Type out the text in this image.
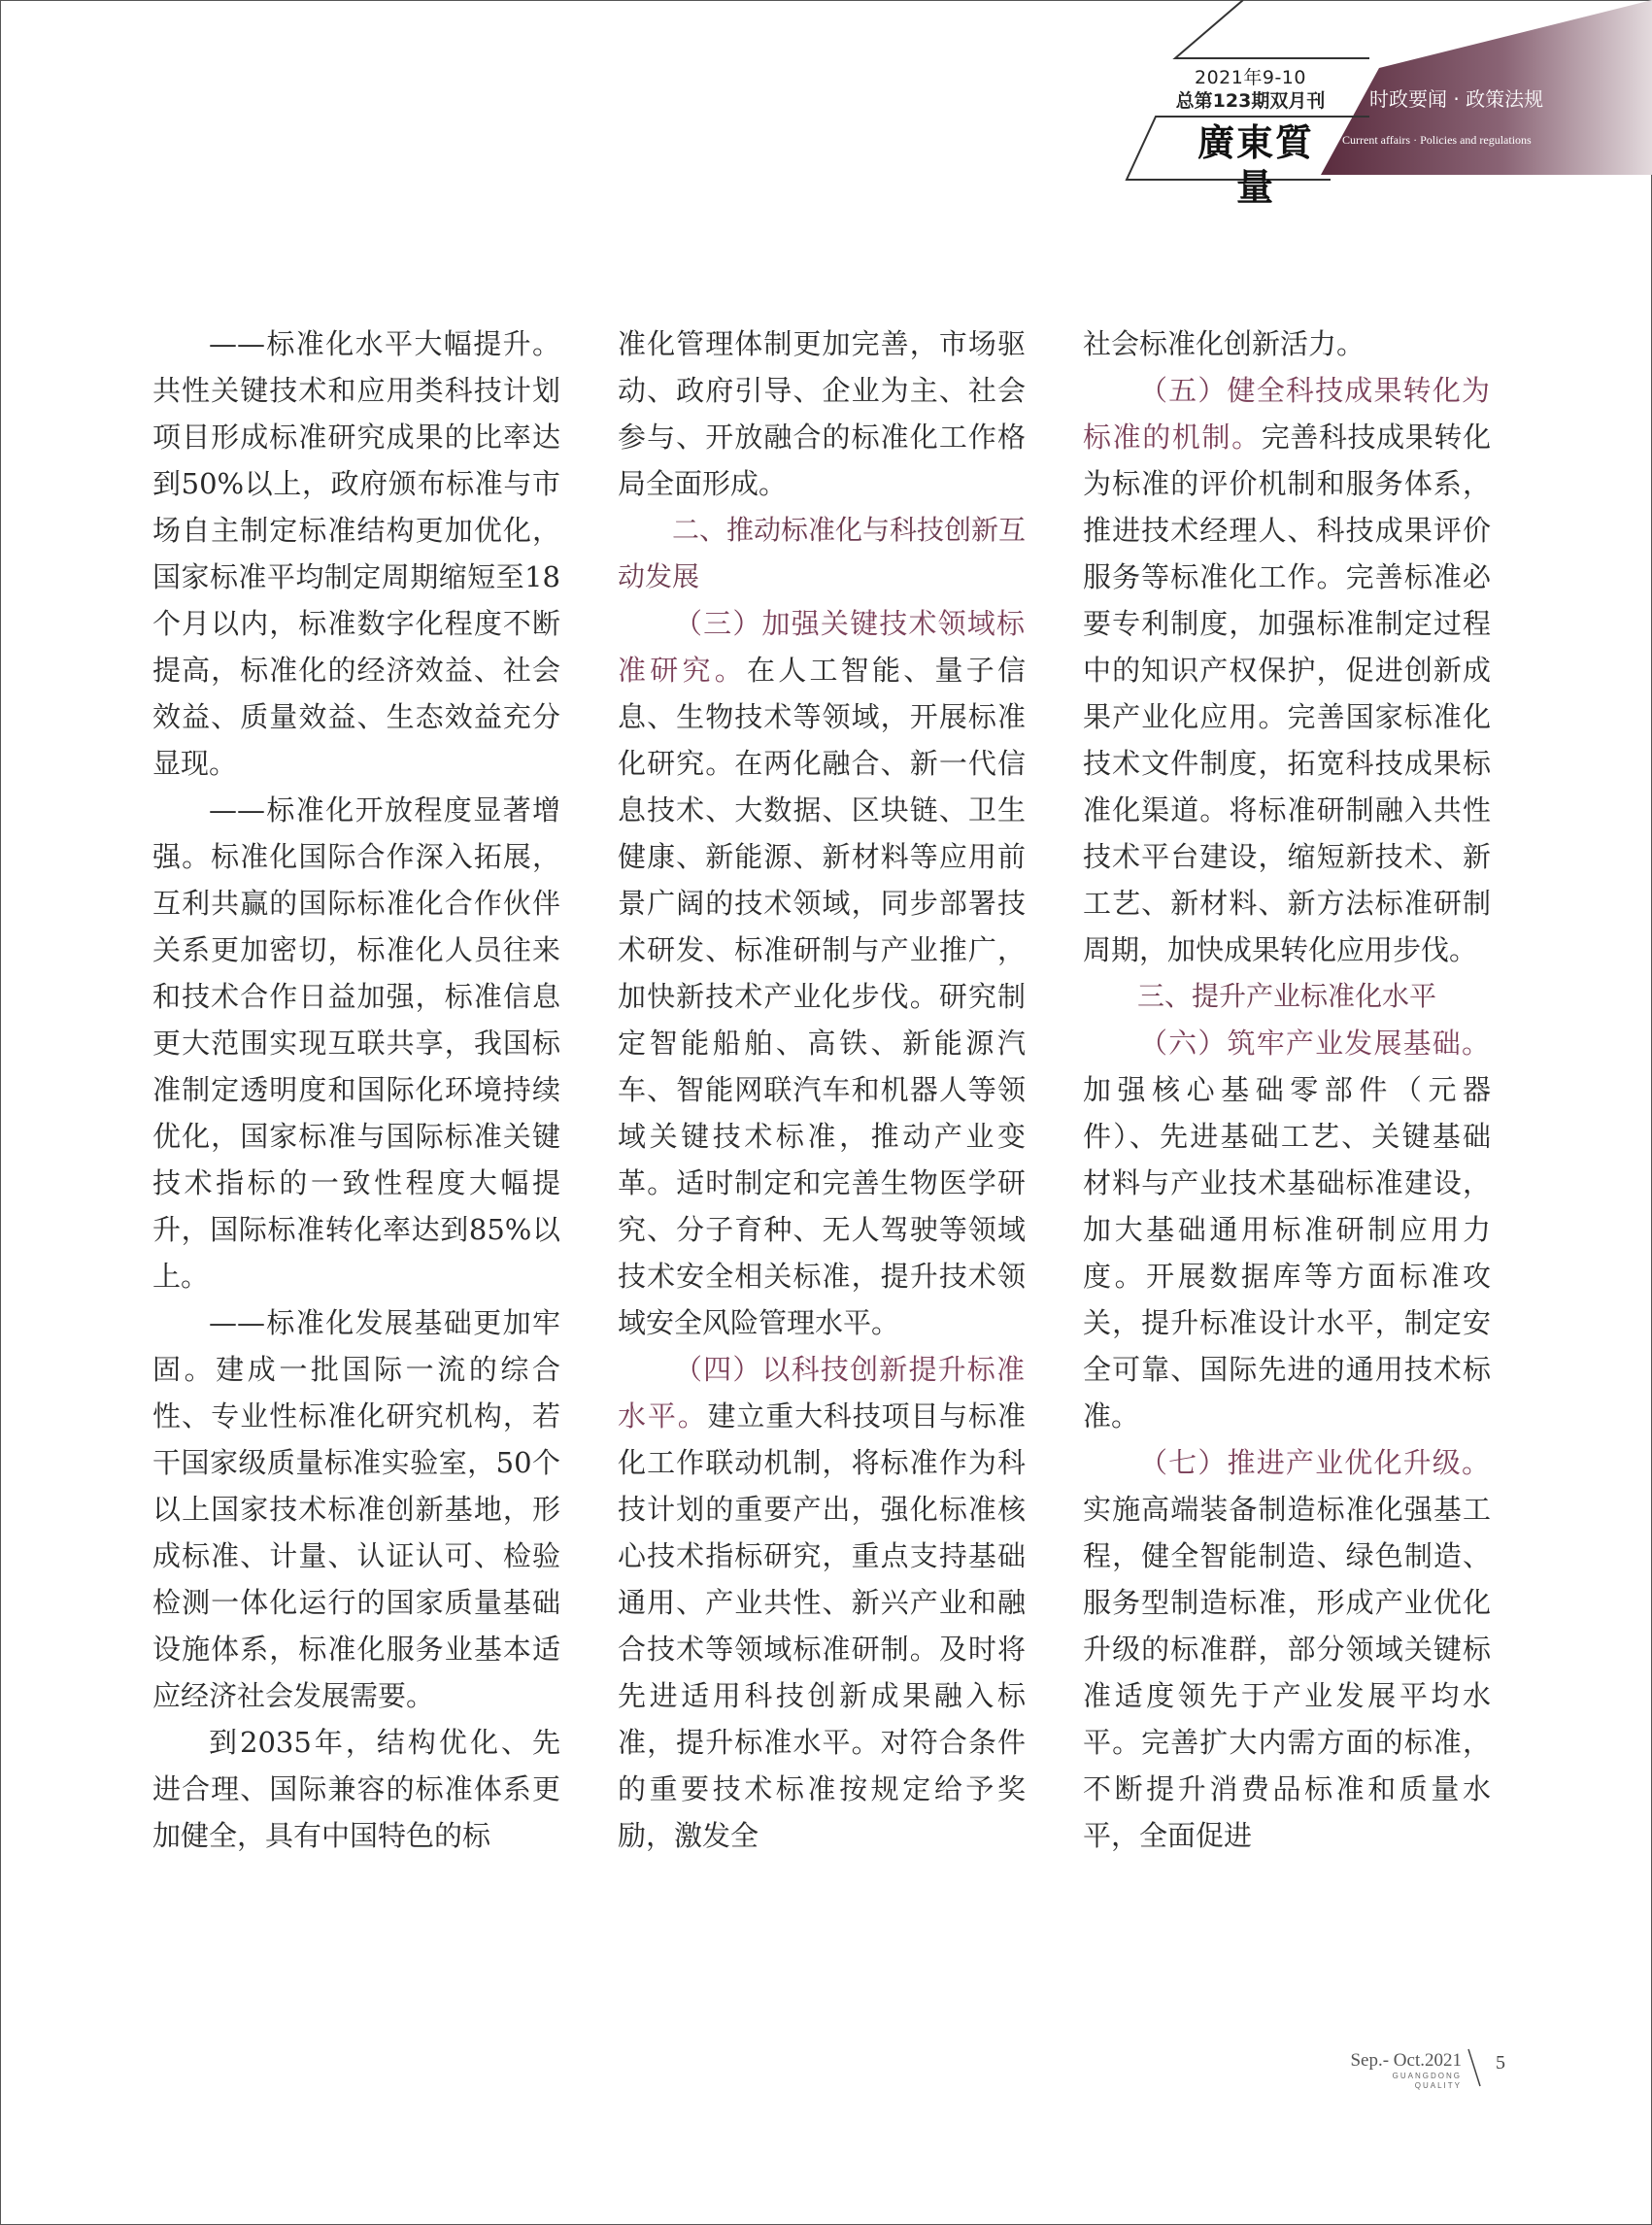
2021年9-10
总第123期双月刊
廣東質量
时政要闻 · 政策法规
Current affairs · Policies and regulations

——标准化水平大幅提升。共性关键技术和应用类科技计划项目形成标准研究成果的比率达到50%以上，政府颁布标准与市场自主制定标准结构更加优化，国家标准平均制定周期缩短至18个月以内，标准数字化程度不断提高，标准化的经济效益、社会效益、质量效益、生态效益充分显现。

——标准化开放程度显著增强。标准化国际合作深入拓展，互利共赢的国际标准化合作伙伴关系更加密切，标准化人员往来和技术合作日益加强，标准信息更大范围实现互联共享，我国标准制定透明度和国际化环境持续优化，国家标准与国际标准关键技术指标的一致性程度大幅提升，国际标准转化率达到85%以上。

——标准化发展基础更加牢固。建成一批国际一流的综合性、专业性标准化研究机构，若干国家级质量标准实验室，50个以上国家技术标准创新基地，形成标准、计量、认证认可、检验检测一体化运行的国家质量基础设施体系，标准化服务业基本适应经济社会发展需要。

到2035年，结构优化、先进合理、国际兼容的标准体系更加健全，具有中国特色的标

准化管理体制更加完善，市场驱动、政府引导、企业为主、社会参与、开放融合的标准化工作格局全面形成。

二、推动标准化与科技创新互动发展

（三）加强关键技术领域标准研究。在人工智能、量子信息、生物技术等领域，开展标准化研究。在两化融合、新一代信息技术、大数据、区块链、卫生健康、新能源、新材料等应用前景广阔的技术领域，同步部署技术研发、标准研制与产业推广，加快新技术产业化步伐。研究制定智能船舶、高铁、新能源汽车、智能网联汽车和机器人等领域关键技术标准，推动产业变革。适时制定和完善生物医学研究、分子育种、无人驾驶等领域技术安全相关标准，提升技术领域安全风险管理水平。

（四）以科技创新提升标准水平。建立重大科技项目与标准化工作联动机制，将标准作为科技计划的重要产出，强化标准核心技术指标研究，重点支持基础通用、产业共性、新兴产业和融合技术等领域标准研制。及时将先进适用科技创新成果融入标准，提升标准水平。对符合条件的重要技术标准按规定给予奖励，激发全

社会标准化创新活力。

（五）健全科技成果转化为标准的机制。完善科技成果转化为标准的评价机制和服务体系，推进技术经理人、科技成果评价服务等标准化工作。完善标准必要专利制度，加强标准制定过程中的知识产权保护，促进创新成果产业化应用。完善国家标准化技术文件制度，拓宽科技成果标准化渠道。将标准研制融入共性技术平台建设，缩短新技术、新工艺、新材料、新方法标准研制周期，加快成果转化应用步伐。

三、提升产业标准化水平

（六）筑牢产业发展基础。加强核心基础零部件（元器件）、先进基础工艺、关键基础材料与产业技术基础标准建设，加大基础通用标准研制应用力度。开展数据库等方面标准攻关，提升标准设计水平，制定安全可靠、国际先进的通用技术标准。

（七）推进产业优化升级。实施高端装备制造标准化强基工程，健全智能制造、绿色制造、服务型制造标准，形成产业优化升级的标准群，部分领域关键标准适度领先于产业发展平均水平。完善扩大内需方面的标准，不断提升消费品标准和质量水平，全面促进

Sep.- Oct.2021
GUANGDONG QUALITY
5
